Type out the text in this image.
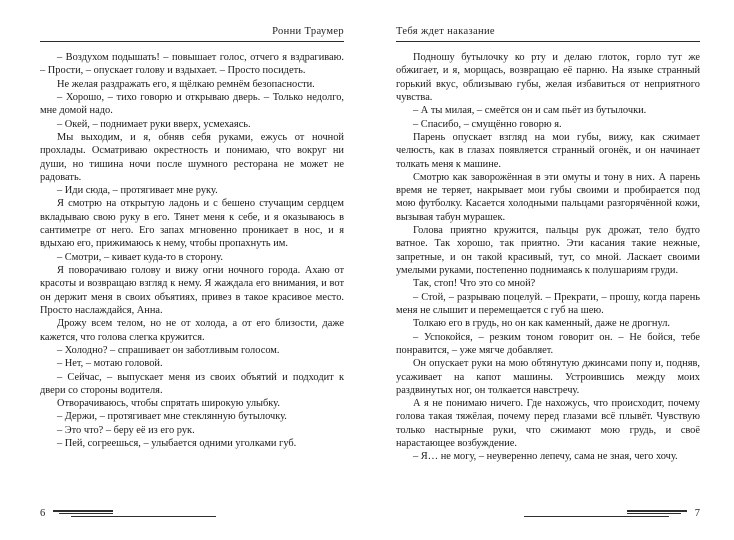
Ронни Траумер

– Воздухом подышать! – повышает голос, отчего я вздрагиваю. – Прости, – опускает голову и вздыхает. – Просто посидеть.

Не желая раздражать его, я щёлкаю ремнём безопасности.

– Хорошо, – тихо говорю и открываю дверь. – Только недолго, мне домой надо.

– Окей, – поднимает руки вверх, усмехаясь.

Мы выходим, и я, обняв себя руками, ежусь от ночной прохлады. Осматриваю окрестность и понимаю, что вокруг ни души, но тишина ночи после шумного ресторана не может не радовать.

– Иди сюда, – протягивает мне руку.

Я смотрю на открытую ладонь и с бешено стучащим сердцем вкладываю свою руку в его. Тянет меня к себе, и я оказываюсь в сантиметре от него. Его запах мгновенно проникает в нос, и я вдыхаю его, прижимаюсь к нему, чтобы пропахнуть им.

– Смотри, – кивает куда-то в сторону.

Я поворачиваю голову и вижу огни ночного города. Ахаю от красоты и возвращаю взгляд к нему. Я жаждала его внимания, и вот он держит меня в своих объятиях, привез в такое красивое место. Просто наслаждайся, Анна.

Дрожу всем телом, но не от холода, а от его близости, даже кажется, что голова слегка кружится.

– Холодно? – спрашивает он заботливым голосом.

– Нет, – мотаю головой.

– Сейчас, – выпускает меня из своих объятий и подходит к двери со стороны водителя.

Отворачиваюсь, чтобы спрятать широкую улыбку.

– Держи, – протягивает мне стеклянную бутылочку.

– Это что? – беру её из его рук.

– Пей, согреешься, – улыбается одними уголками губ.

6
Тебя ждет наказание

Подношу бутылочку ко рту и делаю глоток, горло тут же обжигает, и я, морщась, возвращаю её парню. На языке странный горький вкус, облизываю губы, желая избавиться от неприятного чувства.

– А ты милая, – смеётся он и сам пьёт из бутылочки.

– Спасибо, – смущённо говорю я.

Парень опускает взгляд на мои губы, вижу, как сжимает челюсть, как в глазах появляется странный огонёк, и он начинает толкать меня к машине.

Смотрю как заворожённая в эти омуты и тону в них. А парень время не теряет, накрывает мои губы своими и пробирается под мою футболку. Касается холодными пальцами разгорячённой кожи, вызывая табун мурашек.

Голова приятно кружится, пальцы рук дрожат, тело будто ватное. Так хорошо, так приятно. Эти касания такие нежные, запретные, и он такой красивый, тут, со мной. Ласкает своими умелыми руками, постепенно поднимаясь к полушариям груди.

Так, стоп! Что это со мной?

– Стой, – разрываю поцелуй. – Прекрати, – прошу, когда парень меня не слышит и перемещается с губ на шею.

Толкаю его в грудь, но он как каменный, даже не дрогнул.

– Успокойся, – резким тоном говорит он. – Не бойся, тебе понравится, – уже мягче добавляет.

Он опускает руки на мою обтянутую джинсами попу и, подняв, усаживает на капот машины. Устроившись между моих раздвинутых ног, он толкается навстречу.

А я не понимаю ничего. Где нахожусь, что происходит, почему голова такая тяжёлая, почему перед глазами всё плывёт. Чувствую только настырные руки, что сжимают мою грудь, и своё нарастающее возбуждение.

– Я… не могу, – неуверенно лепечу, сама не зная, чего хочу.

7
